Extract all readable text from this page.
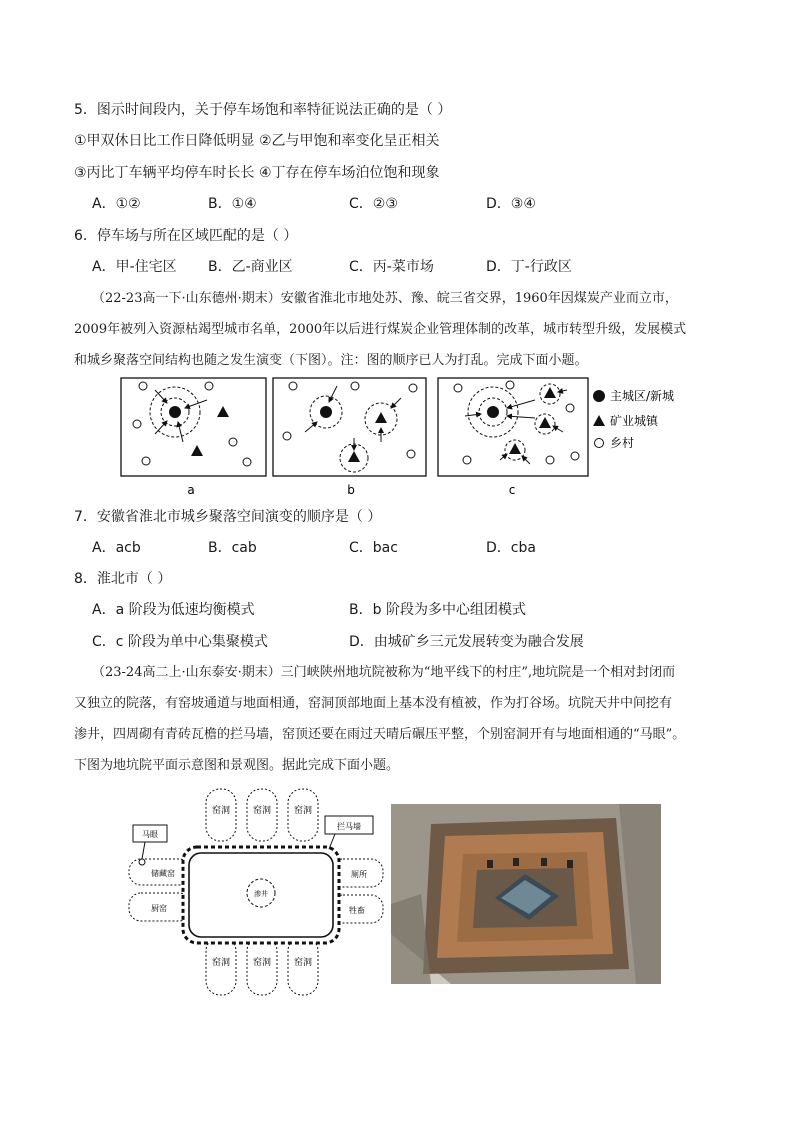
5．图示时间段内，关于停车场饱和率特征说法正确的是（ ）
①甲双休日比工作日降低明显 ②乙与甲饱和率变化呈正相关
③丙比丁车辆平均停车时长长 ④丁存在停车场泊位饱和现象
A．①②	B．①④	C．②③	D．③④
6．停车场与所在区域匹配的是（ ）
A．甲-住宅区 B．乙-商业区	C．丙-菜市场	D．丁-行政区
（22-23高一下·山东德州·期末）安徽省淮北市地处苏、豫、皖三省交界，1960年因煤炭产业而立市，
2009年被列入资源枯竭型城市名单，2000年以后进行煤炭企业管理体制的改革，城市转型升级，发展模式
和城乡聚落空间结构也随之发生演变（下图）。注：图的顺序已人为打乱。完成下面小题。
a	b	c
主城区/新城
矿业城镇
乡村
7．安徽省淮北市城乡聚落空间演变的顺序是（ ）
A．acb	B．cab	C．bac	D．cba
8．淮北市（ ）
A．a 阶段为低速均衡模式	B．b 阶段为多中心组团模式
C．c 阶段为单中心集聚模式	D．由城矿乡三元发展转变为融合发展
（23-24高二上·山东泰安·期末）三门峡陕州地坑院被称为“地平线下的村庄”,地坑院是一个相对封闭而
又独立的院落，有窑坡通道与地面相通，窑洞顶部地面上基本没有植被，作为打谷场。坑院天井中间挖有
渗井，四周砌有青砖瓦檐的拦马墙，窑顶还要在雨过天晴后碾压平整，个别窑洞开有与地面相通的“马眼”。
下图为地坑院平面示意图和景观图。据此完成下面小题。
渗井
窑洞	窑洞	窑洞
窑洞	窑洞	窑洞
储藏窑
厨窑
厕所
牲畜
马眼
拦马墙
